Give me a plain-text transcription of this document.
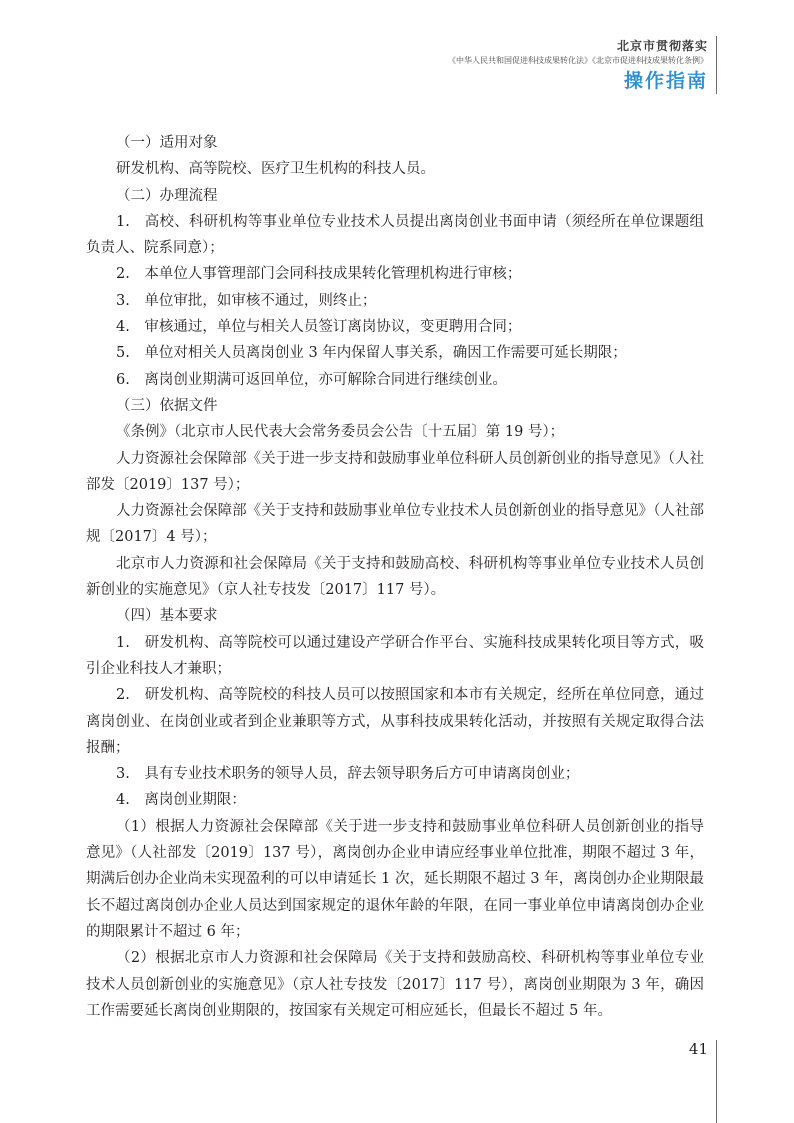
北京市贯彻落实
《中华人民共和国促进科技成果转化法》《北京市促进科技成果转化条例》
操作指南

（一）适用对象

研发机构、高等院校、医疗卫生机构的科技人员。

（二）办理流程

1.　高校、科研机构等事业单位专业技术人员提出离岗创业书面申请（须经所在单位课题组负责人、院系同意）；

2.　本单位人事管理部门会同科技成果转化管理机构进行审核；

3.　单位审批，如审核不通过，则终止；

4.　审核通过，单位与相关人员签订离岗协议，变更聘用合同；

5.　单位对相关人员离岗创业 3 年内保留人事关系，确因工作需要可延长期限；

6.　离岗创业期满可返回单位，亦可解除合同进行继续创业。

（三）依据文件

《条例》（北京市人民代表大会常务委员会公告〔十五届〕第 19 号）；

人力资源社会保障部《关于进一步支持和鼓励事业单位科研人员创新创业的指导意见》（人社部发〔2019〕137 号）；

人力资源社会保障部《关于支持和鼓励事业单位专业技术人员创新创业的指导意见》（人社部规〔2017〕4 号）；

北京市人力资源和社会保障局《关于支持和鼓励高校、科研机构等事业单位专业技术人员创新创业的实施意见》（京人社专技发〔2017〕117 号）。

（四）基本要求

1.　研发机构、高等院校可以通过建设产学研合作平台、实施科技成果转化项目等方式，吸引企业科技人才兼职；

2.　研发机构、高等院校的科技人员可以按照国家和本市有关规定，经所在单位同意，通过离岗创业、在岗创业或者到企业兼职等方式，从事科技成果转化活动，并按照有关规定取得合法报酬；

3.　具有专业技术职务的领导人员，辞去领导职务后方可申请离岗创业；

4.　离岗创业期限：

（1）根据人力资源社会保障部《关于进一步支持和鼓励事业单位科研人员创新创业的指导意见》（人社部发〔2019〕137 号），离岗创办企业申请应经事业单位批准，期限不超过 3 年，期满后创办企业尚未实现盈利的可以申请延长 1 次，延长期限不超过 3 年，离岗创办企业期限最长不超过离岗创办企业人员达到国家规定的退休年龄的年限，在同一事业单位申请离岗创办企业的期限累计不超过 6 年；

（2）根据北京市人力资源和社会保障局《关于支持和鼓励高校、科研机构等事业单位专业技术人员创新创业的实施意见》（京人社专技发〔2017〕117 号），离岗创业期限为 3 年，确因工作需要延长离岗创业期限的，按国家有关规定可相应延长，但最长不超过 5 年。

41
